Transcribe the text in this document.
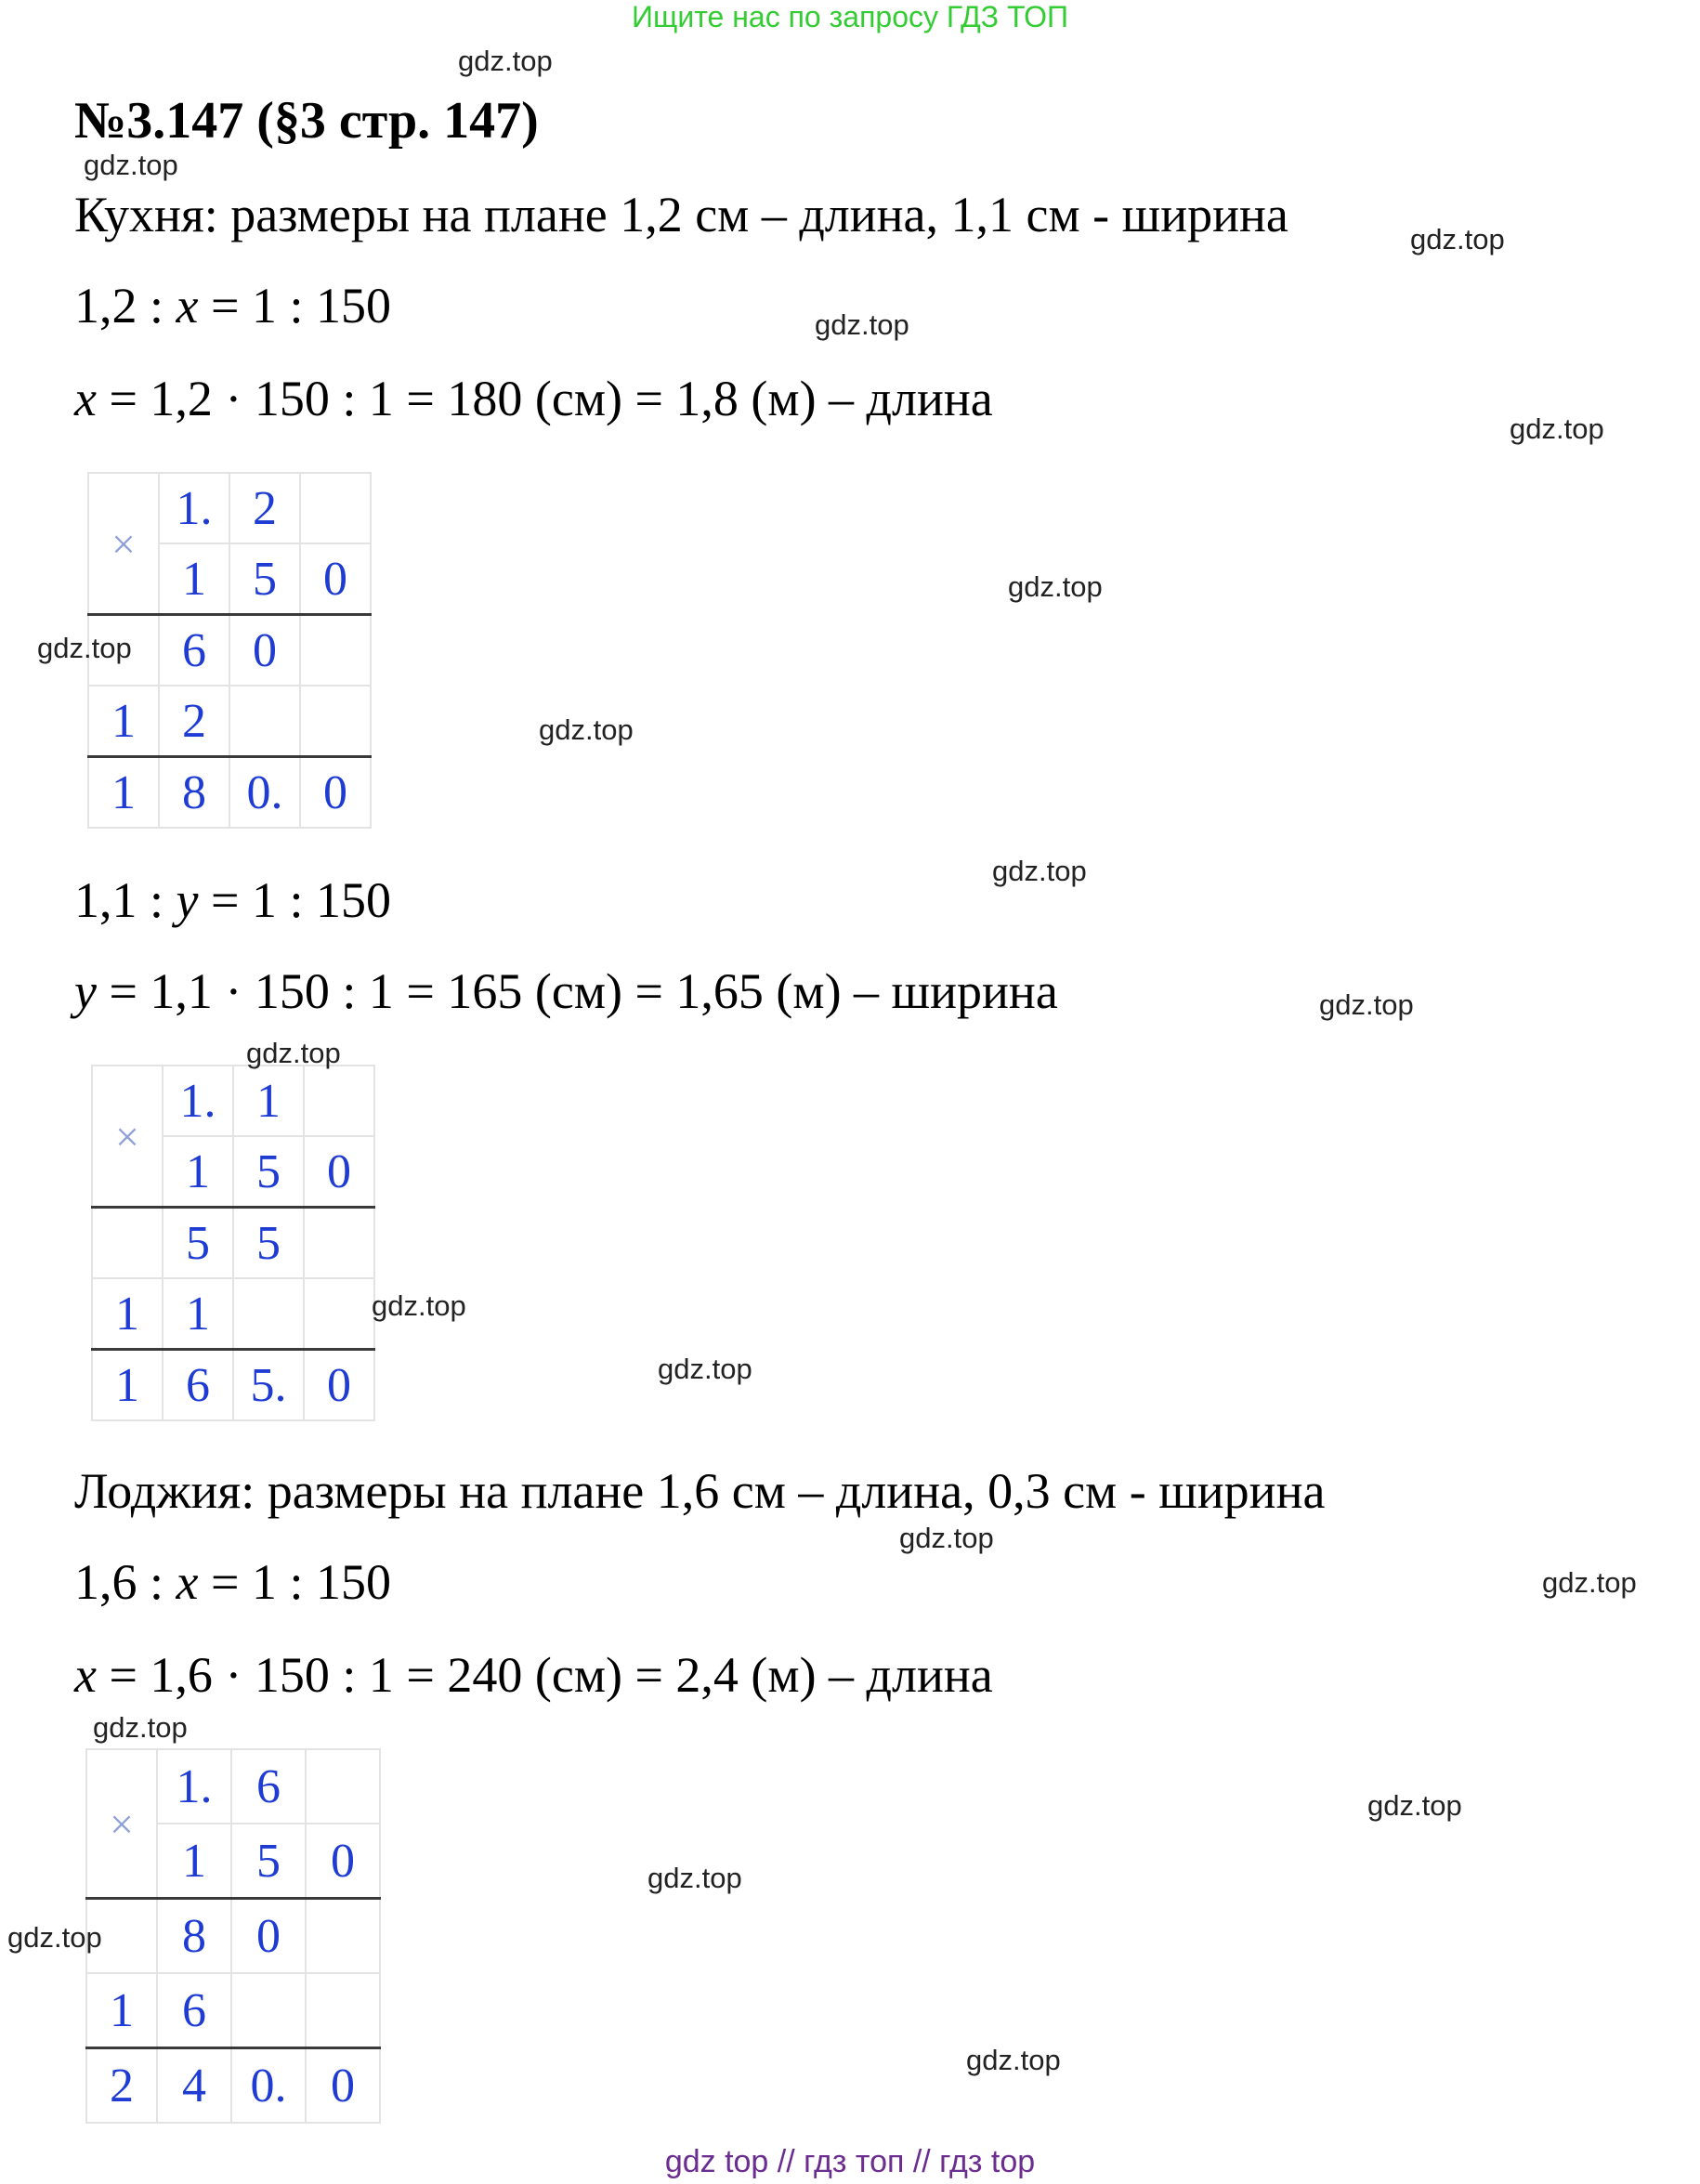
Ищите нас по запросу ГДЗ ТОП
№3.147 (§3 стр. 147)
Кухня: размеры на плане 1,2 см – длина, 1,1 см - ширина
1,2 : x = 1 : 150
x = 1,2 · 150 : 1 = 180 (см) = 1,8 (м) – длина
×	1.	2	
	1	5	0
	6	0	
1	2		
1	8	0.	0
1,1 : y = 1 : 150
y = 1,1 · 150 : 1 = 165 (см) = 1,65 (м) – ширина
×	1.	1	
	1	5	0
	5	5	
1	1		
1	6	5.	0
Лоджия: размеры на плане 1,6 см – длина, 0,3 см - ширина
1,6 : x = 1 : 150
x = 1,6 · 150 : 1 = 240 (см) = 2,4 (м) – длина
×	1.	6	
	1	5	0
	8	0	
1	6		
2	4	0.	0
gdz.top
gdz.top
gdz.top
gdz.top
gdz.top
gdz.top
gdz.top
gdz.top
gdz.top
gdz.top
gdz.top
gdz.top
gdz.top
gdz.top
gdz.top
gdz.top
gdz.top
gdz.top
gdz.top
gdz.top
gdz top // гдз топ // гдз top
